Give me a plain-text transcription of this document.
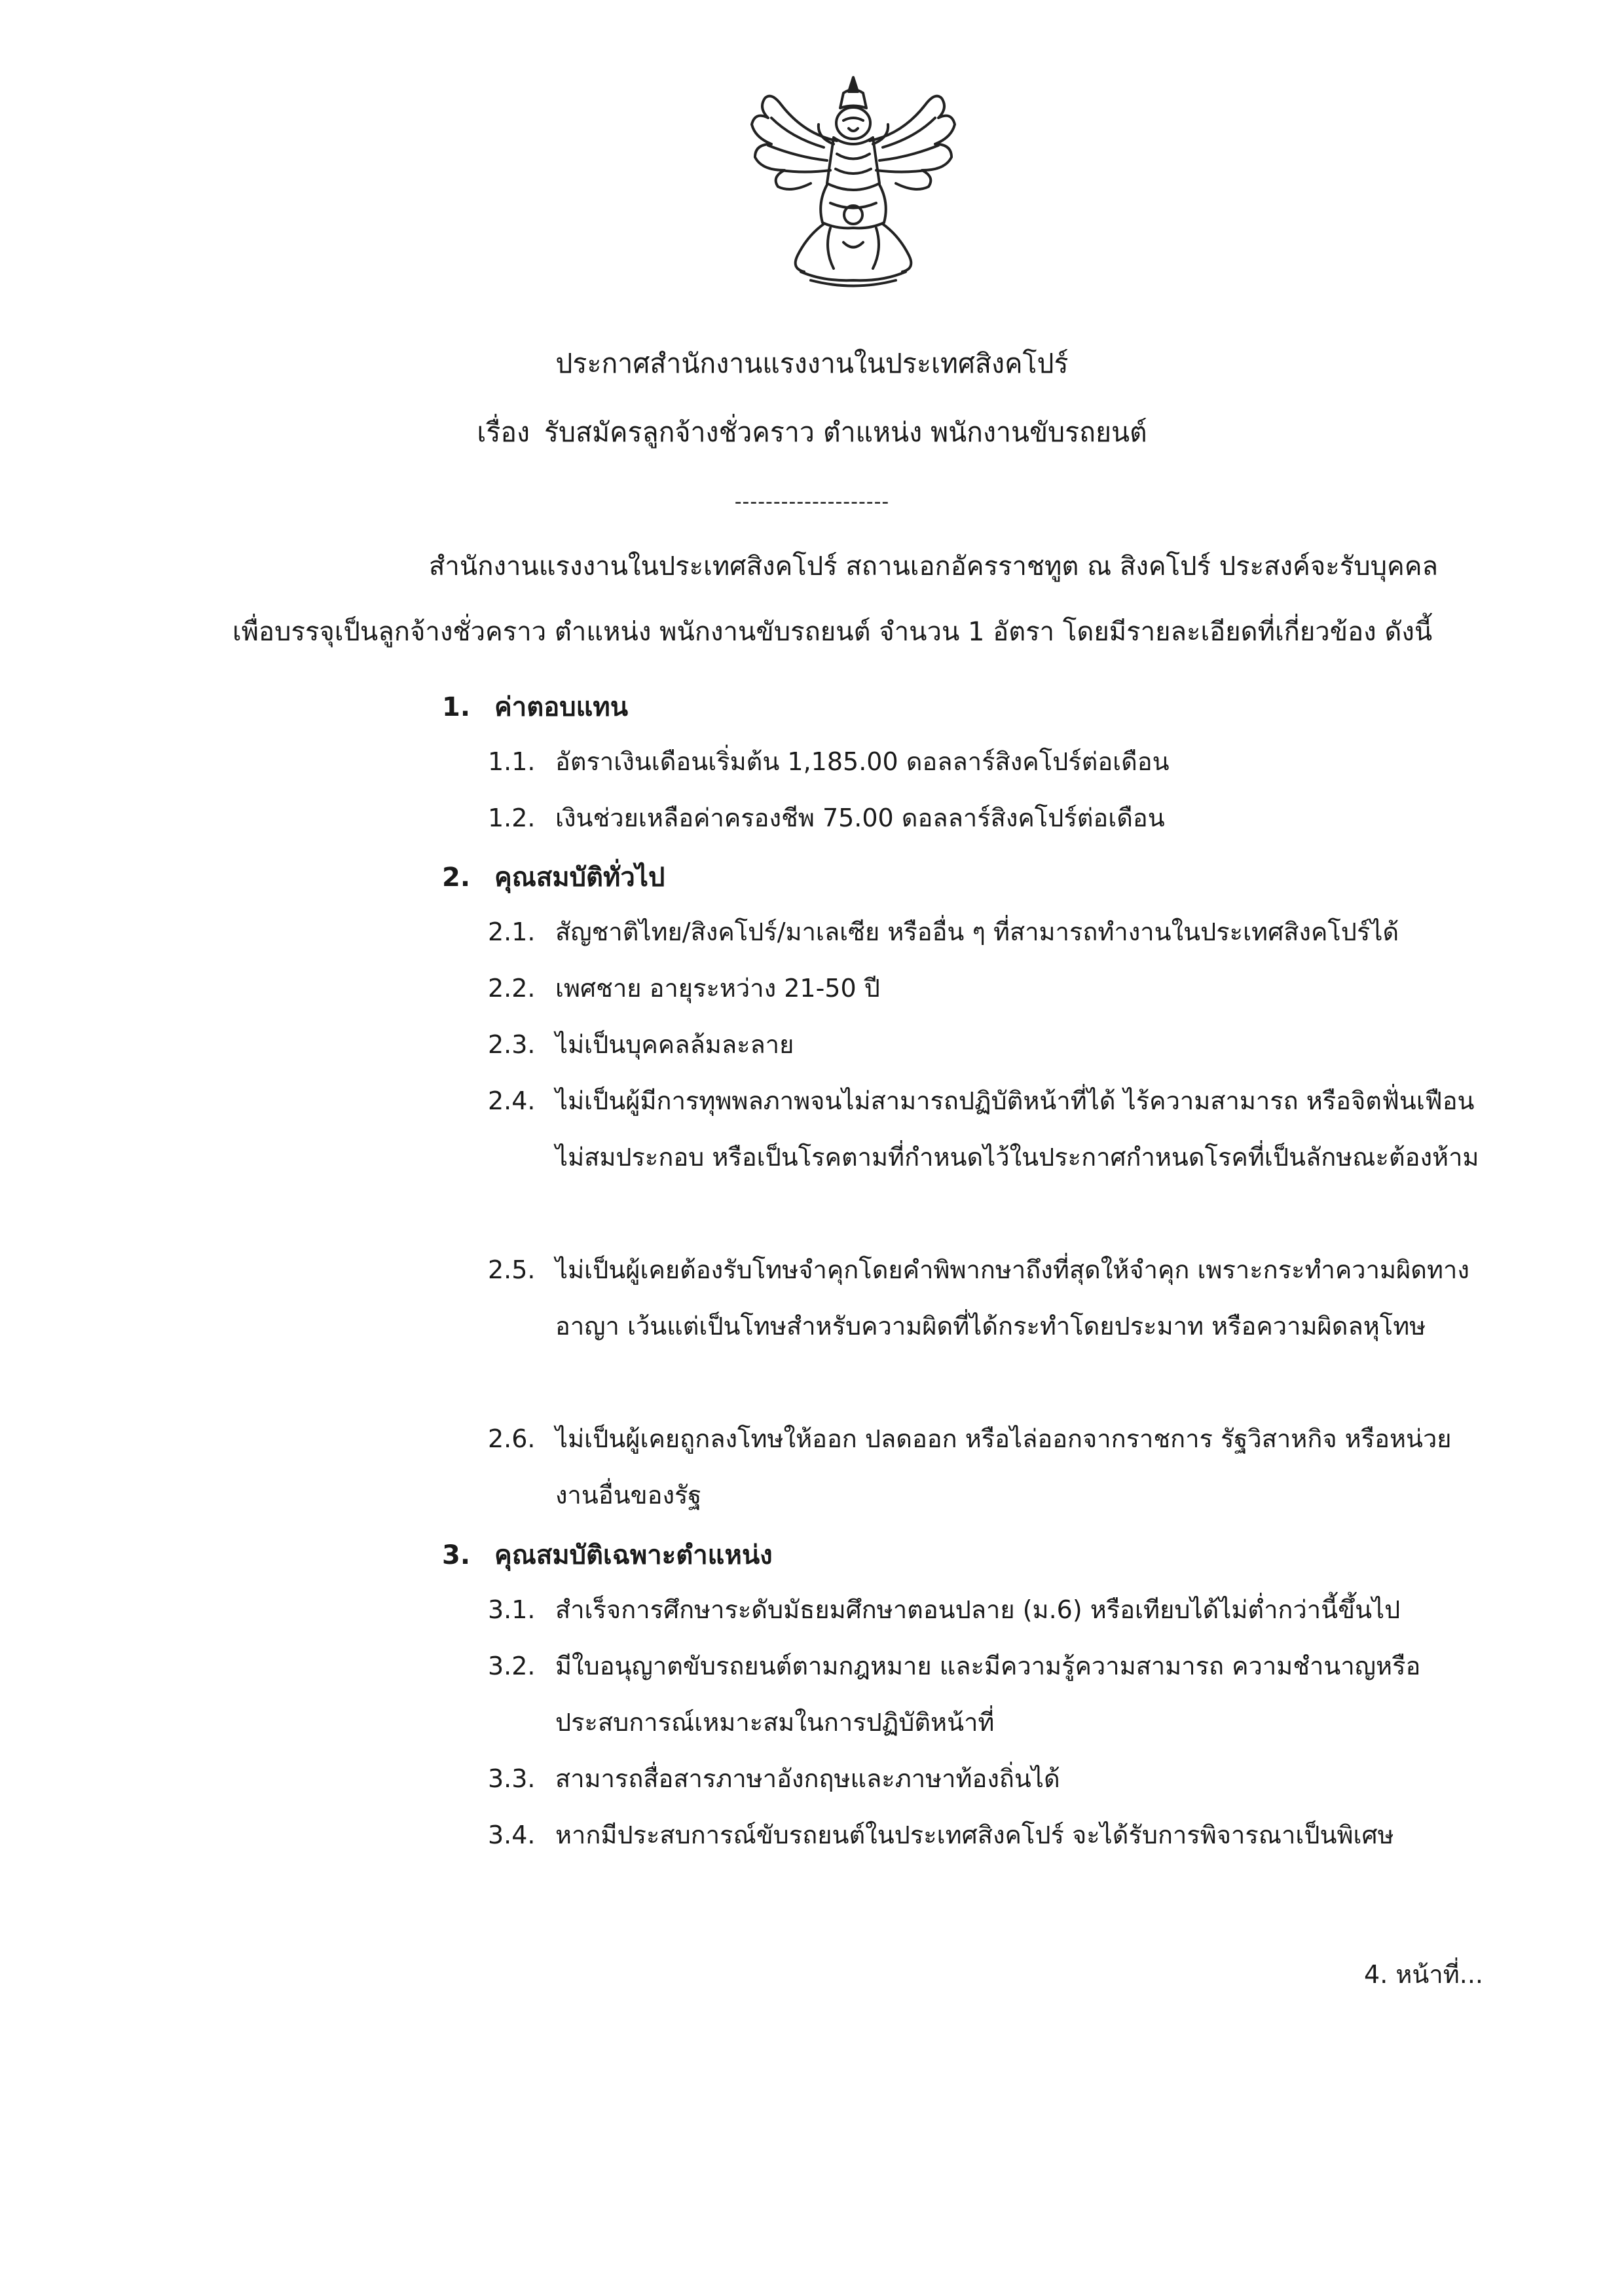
ประกาศสำนักงานแรงงานในประเทศสิงคโปร์
เรื่อง รับสมัครลูกจ้างชั่วคราว ตำแหน่ง พนักงานขับรถยนต์
--------------------
สำนักงานแรงงานในประเทศสิงคโปร์ สถานเอกอัครราชทูต ณ สิงคโปร์ ประสงค์จะรับบุคคล
เพื่อบรรจุเป็นลูกจ้างชั่วคราว ตำแหน่ง พนักงานขับรถยนต์ จำนวน 1 อัตรา โดยมีรายละเอียดที่เกี่ยวข้อง ดังนี้
1. ค่าตอบแทน
1.1. อัตราเงินเดือนเริ่มต้น 1,185.00 ดอลลาร์สิงคโปร์ต่อเดือน
1.2. เงินช่วยเหลือค่าครองชีพ 75.00 ดอลลาร์สิงคโปร์ต่อเดือน
2. คุณสมบัติทั่วไป
2.1. สัญชาติไทย/สิงคโปร์/มาเลเซีย หรืออื่น ๆ ที่สามารถทำงานในประเทศสิงคโปร์ได้
2.2. เพศชาย อายุระหว่าง 21-50 ปี
2.3. ไม่เป็นบุคคลล้มละลาย
2.4. ไม่เป็นผู้มีการทุพพลภาพจนไม่สามารถปฏิบัติหน้าที่ได้ ไร้ความสามารถ หรือจิตฟั่นเฟือนไม่สมประกอบ หรือเป็นโรคตามที่กำหนดไว้ในประกาศกำหนดโรคที่เป็นลักษณะต้องห้าม
2.5. ไม่เป็นผู้เคยต้องรับโทษจำคุกโดยคำพิพากษาถึงที่สุดให้จำคุก เพราะกระทำความผิดทางอาญา เว้นแต่เป็นโทษสำหรับความผิดที่ได้กระทำโดยประมาท หรือความผิดลหุโทษ
2.6. ไม่เป็นผู้เคยถูกลงโทษให้ออก ปลดออก หรือไล่ออกจากราชการ รัฐวิสาหกิจ หรือหน่วยงานอื่นของรัฐ
3. คุณสมบัติเฉพาะตำแหน่ง
3.1. สำเร็จการศึกษาระดับมัธยมศึกษาตอนปลาย (ม.6) หรือเทียบได้ไม่ต่ำกว่านี้ขึ้นไป
3.2. มีใบอนุญาตขับรถยนต์ตามกฎหมาย และมีความรู้ความสามารถ ความชำนาญหรือประสบการณ์เหมาะสมในการปฏิบัติหน้าที่
3.3. สามารถสื่อสารภาษาอังกฤษและภาษาท้องถิ่นได้
3.4. หากมีประสบการณ์ขับรถยนต์ในประเทศสิงคโปร์ จะได้รับการพิจารณาเป็นพิเศษ
4. หน้าที่...
